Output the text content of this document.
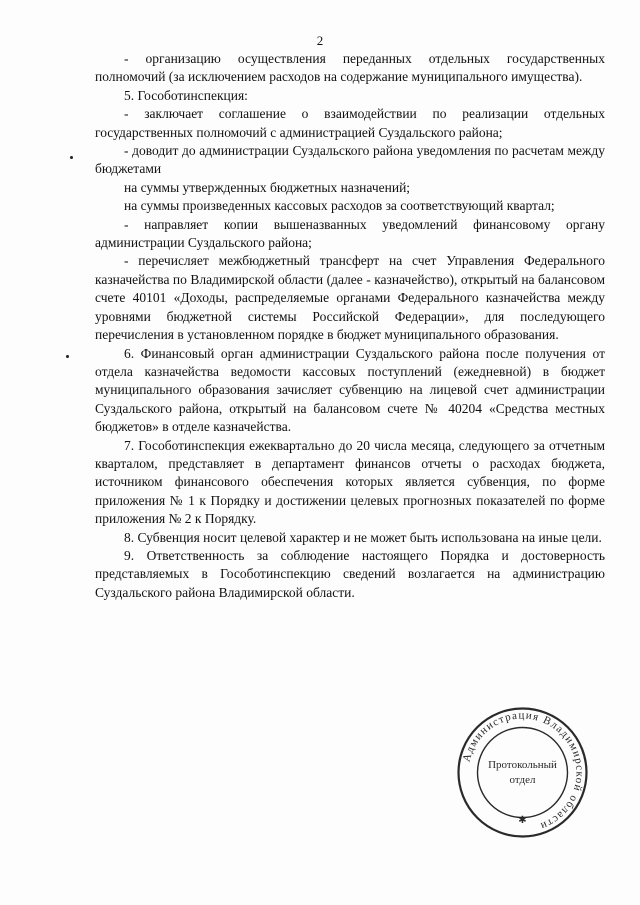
2

- организацию осуществления переданных отдельных государственных полномочий (за исключением расходов на содержание муниципального имущества).

5. Гособотинспекция:

- заключает соглашение о взаимодействии по реализации отдельных государственных полномочий с администрацией Суздальского района;

- доводит до администрации Суздальского района уведомления по расчетам между бюджетами

на суммы утвержденных бюджетных назначений;

на суммы произведенных кассовых расходов за соответствующий квартал;

- направляет копии вышеназванных уведомлений финансовому органу администрации Суздальского района;

- перечисляет межбюджетный трансферт на счет Управления Федерального казначейства по Владимирской области (далее - казначейство), открытый на балансовом счете 40101 «Доходы, распределяемые органами Федерального казначейства между уровнями бюджетной системы Российской Федерации», для последующего перечисления в установленном порядке в бюджет муниципального образования.

6. Финансовый орган администрации Суздальского района после получения от отдела казначейства ведомости кассовых поступлений (ежедневной) в бюджет муниципального образования зачисляет субвенцию на лицевой счет администрации Суздальского района, открытый на балансовом счете № 40204 «Средства местных бюджетов» в отделе казначейства.

7. Гособотинспекция ежеквартально до 20 числа месяца, следующего за отчетным кварталом, представляет в департамент финансов отчеты о расходах бюджета, источником финансового обеспечения которых является субвенция, по форме приложения № 1 к Порядку и достижении целевых прогнозных показателей по форме приложения № 2 к Порядку.

8. Субвенция носит целевой характер и не может быть использована на иные цели.

9. Ответственность за соблюдение настоящего Порядка и достоверность представляемых в Гособотинспекцию сведений возлагается на администрацию Суздальского района Владимирской области.

Администрация Владимирской области
Протокольный
отдел
✱
